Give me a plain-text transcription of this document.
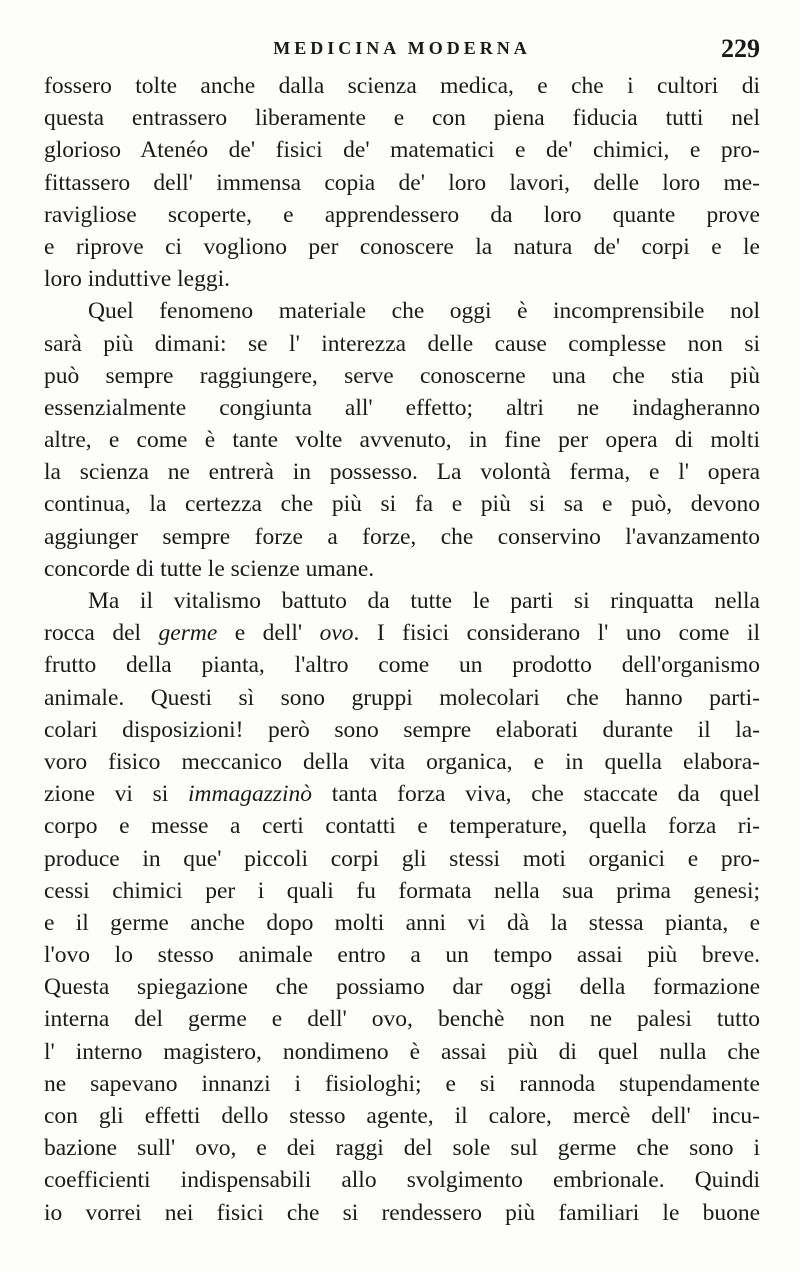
MEDICINA MODERNA	229
fossero tolte anche dalla scienza medica, e che i cultori di
questa entrassero liberamente e con piena fiducia tutti nel
glorioso Atenéo de' fisici de' matematici e de' chimici, e pro-
fittassero dell' immensa copia de' loro lavori, delle loro me-
ravigliose scoperte, e apprendessero da loro quante prove
e riprove ci vogliono per conoscere la natura de' corpi e le
loro induttive leggi.
Quel fenomeno materiale che oggi è incomprensibile nol
sarà più dimani: se l' interezza delle cause complesse non si
può sempre raggiungere, serve conoscerne una che stia più
essenzialmente congiunta all' effetto; altri ne indagheranno
altre, e come è tante volte avvenuto, in fine per opera di molti
la scienza ne entrerà in possesso. La volontà ferma, e l' opera
continua, la certezza che più si fa e più si sa e può, devono
aggiunger sempre forze a forze, che conservino l'avanzamento
concorde di tutte le scienze umane.
Ma il vitalismo battuto da tutte le parti si rinquatta nella
rocca del germe e dell' ovo. I fisici considerano l' uno come il
frutto della pianta, l'altro come un prodotto dell'organismo
animale. Questi sì sono gruppi molecolari che hanno parti-
colari disposizioni! però sono sempre elaborati durante il la-
voro fisico meccanico della vita organica, e in quella elabora-
zione vi si immagazzinò tanta forza viva, che staccate da quel
corpo e messe a certi contatti e temperature, quella forza ri-
produce in que' piccoli corpi gli stessi moti organici e pro-
cessi chimici per i quali fu formata nella sua prima genesi;
e il germe anche dopo molti anni vi dà la stessa pianta, e
l'ovo lo stesso animale entro a un tempo assai più breve.
Questa spiegazione che possiamo dar oggi della formazione
interna del germe e dell' ovo, benchè non ne palesi tutto
l' interno magistero, nondimeno è assai più di quel nulla che
ne sapevano innanzi i fisiologhi; e si rannoda stupendamente
con gli effetti dello stesso agente, il calore, mercè dell' incu-
bazione sull' ovo, e dei raggi del sole sul germe che sono i
coefficienti indispensabili allo svolgimento embrionale. Quindi
io vorrei nei fisici che si rendessero più familiari le buone
